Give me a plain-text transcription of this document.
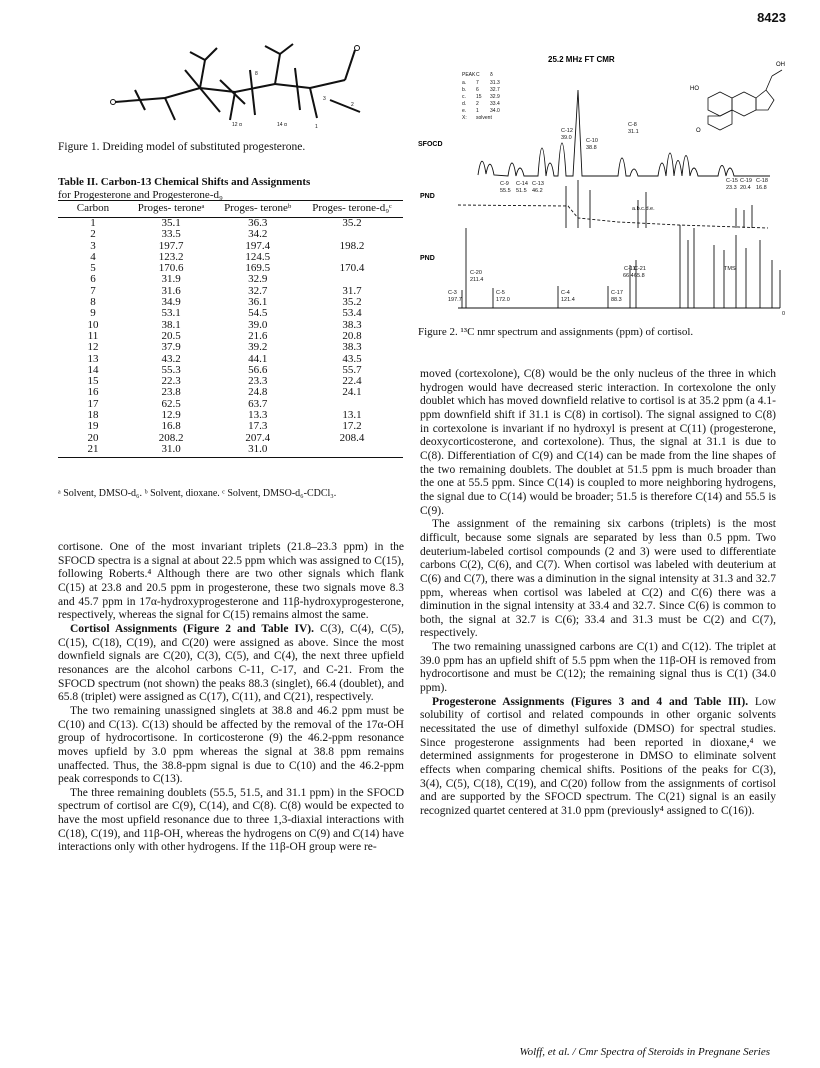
8423
8
12 α	14 α
3
2
1
Figure 1. Dreiding model of substituted progesterone.
Table II. Carbon-13 Chemical Shifts and Assignments
for Progesterone and Progesterone-d₉
Carbon	Proges- teroneᵃ	Proges- teroneᵇ	Proges- terone-d₉ᶜ

1	35.1	36.3	35.2
2	33.5	34.2	
3	197.7	197.4	198.2
4	123.2	124.5	
5	170.6	169.5	170.4
6	31.9	32.9	
7	31.6	32.7	31.7
8	34.9	36.1	35.2
9	53.1	54.5	53.4
10	38.1	39.0	38.3
11	20.5	21.6	20.8
12	37.9	39.2	38.3
13	43.2	44.1	43.5
14	55.3	56.6	55.7
15	22.3	23.3	22.4
16	23.8	24.8	24.1
17	62.5	63.7	
18	12.9	13.3	13.1
19	16.8	17.3	17.2
20	208.2	207.4	208.4
21	31.0	31.0	
ᵃ Solvent, DMSO-d₆. ᵇ Solvent, dioxane. ᶜ Solvent, DMSO-d₆-CDCl₃.

cortisone. One of the most invariant triplets (21.8–23.3 ppm) in the SFOCD spectra is a signal at about 22.5 ppm which was assigned to C(15), following Roberts.⁴ Although there are two other signals which flank C(15) at 23.8 and 20.5 ppm in progesterone, these two signals move 8.3 and 45.7 ppm in 17α-hydroxyprogesterone and 11β-hydroxyprogesterone, respectively, whereas the signal for C(15) remains almost the same.

Cortisol Assignments (Figure 2 and Table IV). C(3), C(4), C(5), C(15), C(18), C(19), and C(20) were assigned as above. Since the most downfield signals are C(20), C(3), C(5), and C(4), the next three upfield resonances are the alcohol carbons C-11, C-17, and C-21. From the SFOCD spectrum (not shown) the peaks 88.3 (singlet), 66.4 (doublet), and 65.8 (triplet) were assigned as C(17), C(11), and C(21), respectively.

The two remaining unassigned singlets at 38.8 and 46.2 ppm must be C(10) and C(13). C(13) should be affected by the removal of the 17α-OH group of hydrocortisone. In corticosterone (9) the 46.2-ppm resonance moves upfield by 3.0 ppm whereas the signal at 38.8 ppm remains unaffected. Thus, the 38.8-ppm signal is due to C(10) and the 46.2-ppm peak corresponds to C(13).

The three remaining doublets (55.5, 51.5, and 31.1 ppm) in the SFOCD spectrum of cortisol are C(9), C(14), and C(8). C(8) would be expected to have the most upfield resonance due to three 1,3-diaxial interactions with C(18), C(19), and 11β-OH, whereas the hydrogens on C(9) and C(14) have interactions only with other hydrogens. If the 11β-OH group were re-

25.2 MHz FT CMR
HO
OH
O
PEAK C δ
a. 7 31.3
b. 6 32.7
c. 15 32.9
d. 2 33.4
e. 1 34.0
X: solvent
SFOCD
PND
PND
C-10
38.8
C-12
39.0
C-8
31.1
C-9
55.5
C-14
51.5
C-13
46.2
C-15 C-19 C-18
23.3 20.4 16.8
C-20
211.4
C-3
197.7
C-5
172.0
C-4
121.4
C-17
88.3
C-11
C-21
66.4 65.8
TMS
0
a.b.c.d.e.
Figure 2. ¹³C nmr spectrum and assignments (ppm) of cortisol.

moved (cortexolone), C(8) would be the only nucleus of the three in which hydrogen would have decreased steric interaction. In cortexolone the only doublet which has moved downfield relative to cortisol is at 35.2 ppm (a 4.1-ppm downfield shift if 31.1 is C(8) in cortisol). The signal assigned to C(8) in cortexolone is invariant if no hydroxyl is present at C(11) (progesterone, deoxycorticosterone, and cortexolone). Thus, the signal at 31.1 is due to C(8). Differentiation of C(9) and C(14) can be made from the line shapes of the two remaining doublets. The doublet at 51.5 ppm is much broader than the one at 55.5 ppm. Since C(14) is coupled to more neighboring hydrogens, the signal due to C(14) would be broader; 51.5 is therefore C(14) and 55.5 is C(9).

The assignment of the remaining six carbons (triplets) is the most difficult, because some signals are separated by less than 0.5 ppm. Two deuterium-labeled cortisol compounds (2 and 3) were used to differentiate carbons C(2), C(6), and C(7). When cortisol was labeled with deuterium at C(6) and C(7), there was a diminution in the signal intensity at 31.3 and 32.7 ppm, whereas when cortisol was labeled at C(2) and C(6) there was a diminution in the signal intensity at 33.4 and 32.7. Since C(6) is common to both, the signal at 32.7 is C(6); 33.4 and 31.3 must be C(2) and C(7), respectively.

The two remaining unassigned carbons are C(1) and C(12). The triplet at 39.0 ppm has an upfield shift of 5.5 ppm when the 11β-OH is removed from hydrocortisone and must be C(12); the remaining signal thus is C(1) (34.0 ppm).

Progesterone Assignments (Figures 3 and 4 and Table III). Low solubility of cortisol and related compounds in other organic solvents necessitated the use of dimethyl sulfoxide (DMSO) for spectral studies. Since progesterone assignments had been reported in dioxane,⁴ we determined assignments for progesterone in DMSO to eliminate solvent effects when comparing chemical shifts. Positions of the peaks for C(3), 3(4), C(5), C(18), C(19), and C(20) follow from the assignments of cortisol and are supported by the SFOCD spectrum. The C(21) signal is an easily recognized quartet centered at 31.0 ppm (previously⁴ assigned to C(16)).

Wolff, et al. / Cmr Spectra of Steroids in Pregnane Series
